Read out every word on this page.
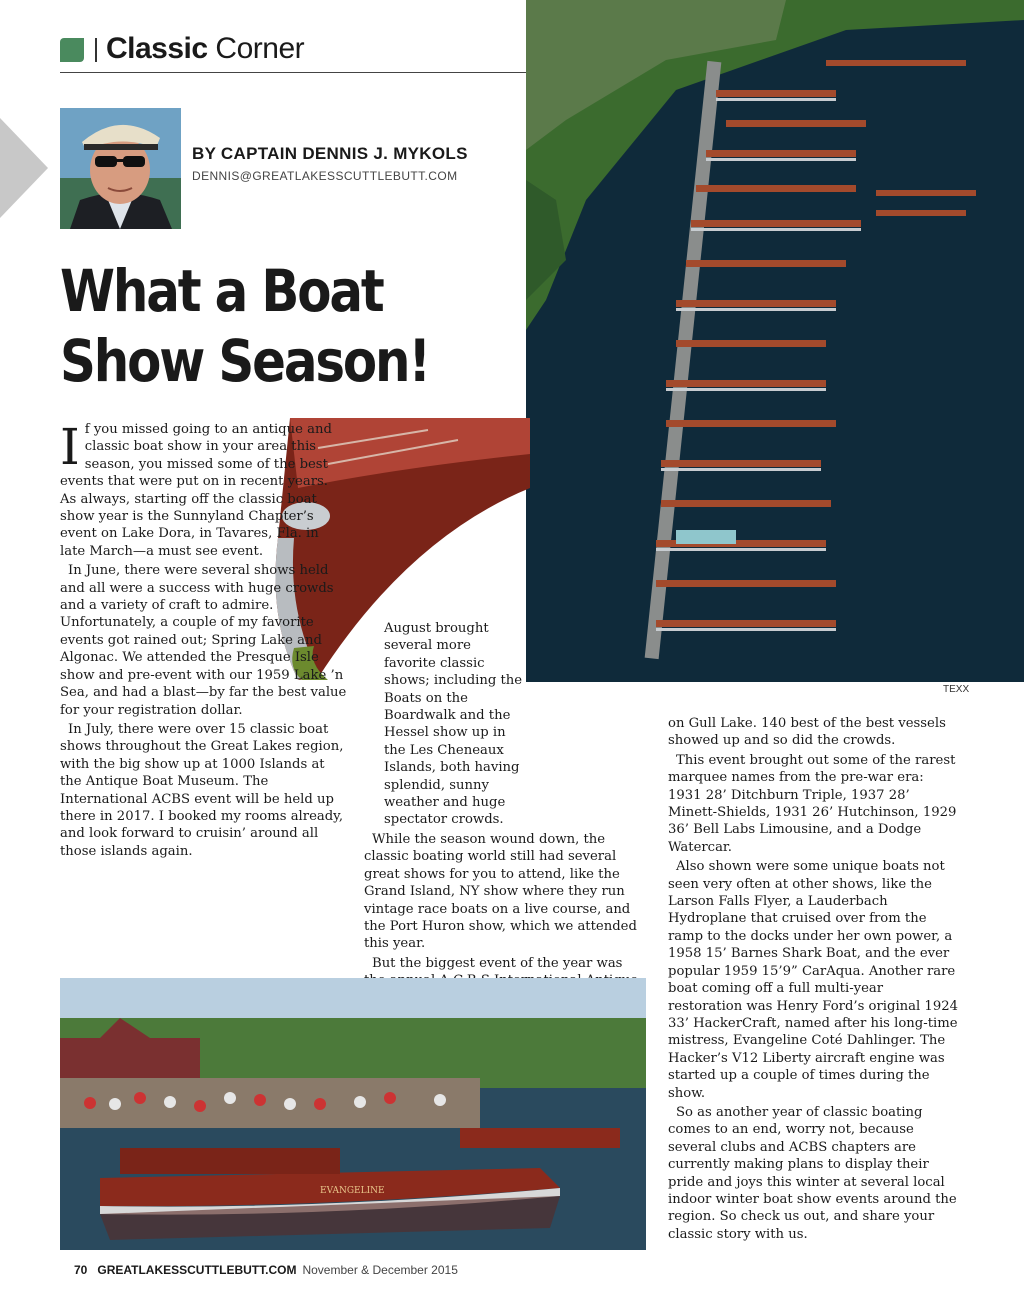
Classic Corner
BY CAPTAIN DENNIS J. MYKOLS
DENNIS@GREATLAKESSCUTTLEBUTT.COM
What a Boat Show Season!
TEXX

If you missed going to an antique and classic boat show in your area this season, you missed some of the best events that were put on in recent years. As always, starting off the classic boat show year is the Sunnyland Chapter’s event on Lake Dora, in Tavares, Fla. in late March—a must see event.

In June, there were several shows held and all were a success with huge crowds and a variety of craft to admire. Unfortunately, a couple of my favorite events got rained out; Spring Lake and Algonac. We attended the Presque Isle show and pre-event with our 1959 Lake ’n Sea, and had a blast—by far the best value for your registration dollar.

In July, there were over 15 classic boat shows throughout the Great Lakes region, with the big show up at 1000 Islands at the Antique Boat Museum. The International ACBS event will be held up there in 2017. I booked my rooms already, and look forward to cruisin’ around all those islands again.

August brought several more favorite classic shows; including the Boats on the Boardwalk and the Hessel show up in the Les Cheneaux Islands, both having splendid, sunny weather and huge spectator crowds.

While the season wound down, the classic boating world still had several great shows for you to attend, like the Grand Island, NY show where they run vintage race boats on a live course, and the Port Huron show, which we attended this year.

But the biggest event of the year was

on Gull Lake. 140 best of the best vessels showed up and so did the crowds.

This event brought out some of the rarest marquee names from the pre-war era: 1931 28’ Ditchburn Triple, 1937 28’ Minett-Shields, 1931 26’ Hutchinson, 1929 36’ Bell Labs Limousine, and a Dodge Watercar.

Also shown were some unique boats not seen very often at other shows, like the Larson Falls Flyer, a Lauderbach Hydroplane that cruised over from the ramp to the docks under her own power, a 1958 15’ Barnes Shark Boat, and the ever popular 1959 15’9” CarAqua. Another rare boat coming off a full multi-year restoration was Henry Ford’s original 1924 33’ HackerCraft, named after his long-time mistress, Evangeline Coté Dahlinger. The Hacker’s V12 Liberty aircraft engine was started up a couple of times during the show.

So as another year of classic boating comes to an end, worry not, because several clubs and ACBS chapters are currently making plans to display their pride and joys this winter at several local indoor winter boat show events around the region. So check us out, and share your classic story with us.

EVANGELINE
70 GREATLAKESSCUTTLEBUTT.COM November & December 2015
